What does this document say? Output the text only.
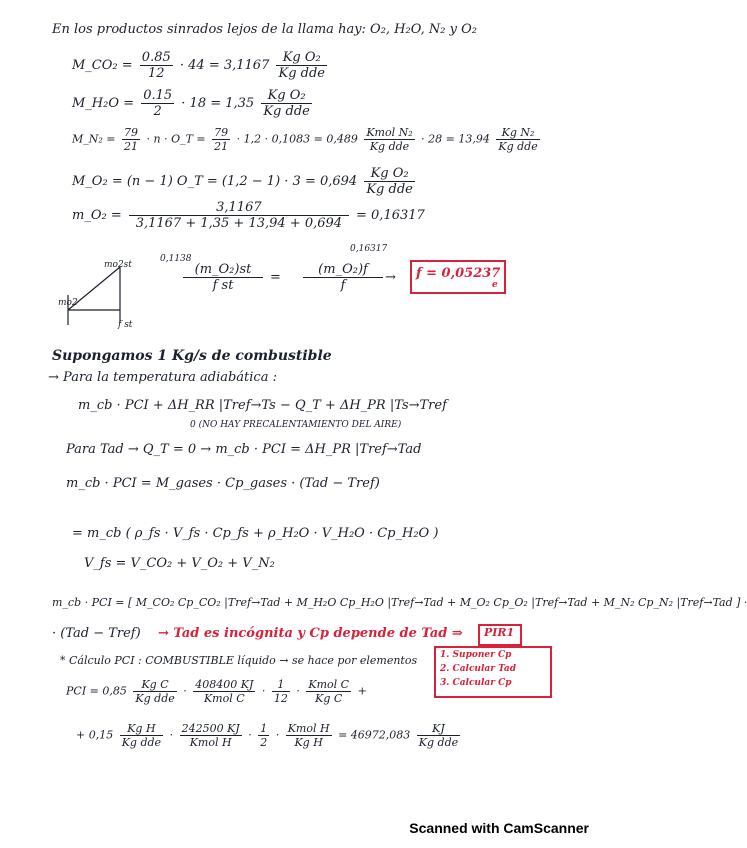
En los productos sinrados lejos de la llama hay: O₂, H₂O, N₂ y O₂
M_CO₂ = $\frac{0.85}{12} \cdot 44 = 3,1167 \frac{\text{Kg O₂}}{\text{Kg dde}}$
M_H₂O = $\frac{0.15}{2} \cdot 18 = 1,35 \frac{\text{Kg O₂}}{\text{Kg dde}}$
M_N₂ = $\frac{79}{21} \cdot n$ · O_T = $\frac{79}{21} \cdot 1,2 \cdot 0,1083 = 0,489 \frac{\text{Kmol N₂}}{\text{Kg dde}} \cdot 28 = 13,94 \frac{\text{Kg N₂}}{\text{Kg dde}}$
M_O₂ = (n − 1) O_T = $(1,2 - 1) \cdot 3 = 0,694 \frac{\text{Kg O₂}}{\text{Kg dde}}$
m_O₂ = $\frac{3,1167}{3,1167 + 1,35 + 13,94 + 0,694} = 0,16317$
mo2st
mo2
f st
0,1138
$\frac{\text{(m\_O₂)st}}{\text{f st}}$ =
0,16317
$\frac{\text{(m\_O₂)f}}{f} \to f = 0,05237$
e
Supongamos 1 Kg/s de combustible
→ Para la temperatura adiabática :
m_cb · PCI + ΔH_RR |Tref→Ts − Q_T + ΔH_PR |Ts→Tref
0 (NO HAY PRECALENTAMIENTO DEL AIRE)
Para Tad → Q_T = 0 → m_cb · PCI = ΔH_PR |Tref→Tad
m_cb · PCI = M_gases · Cp_gases · (Tad − Tref)
= m_cb ( ρ_fs · V_fs · Cp_fs + ρ_H₂O · V_H₂O · Cp_H₂O )
V_fs = V_CO₂ + V_O₂ + V_N₂
m_cb · PCI = [ M_CO₂ Cp_CO₂ |Tref→Tad + M_H₂O Cp_H₂O |Tref→Tad + M_O₂ Cp_O₂ |Tref→Tad + M_N₂ Cp_N₂ |Tref→Tad ] ·
· (Tad − Tref) → Tad es incógnita y Cp depende de Tad ⇒ PIR1
1. Suponer Cp
2. Calcular Tad
3. Calcular Cp
* Cálculo PCI : COMBUSTIBLE líquido → se hace por elementos
PCI = $0,85 \frac{\text{Kg C}}{\text{Kg dde}} \cdot \frac{408400 KJ}{\text{Kmol C}} \cdot \frac{1}{12} \cdot \frac{\text{Kmol C}}{\text{Kg C}}$ +
+ $0,15 \frac{\text{Kg H}}{\text{Kg dde}} \cdot \frac{242500 KJ}{\text{Kmol H}} \cdot \frac{1}{2} \cdot \frac{\text{Kmol H}}{\text{Kg H}} = 46972,083 \frac{KJ}{\text{Kg dde}}$
Scanned with CamScanner
